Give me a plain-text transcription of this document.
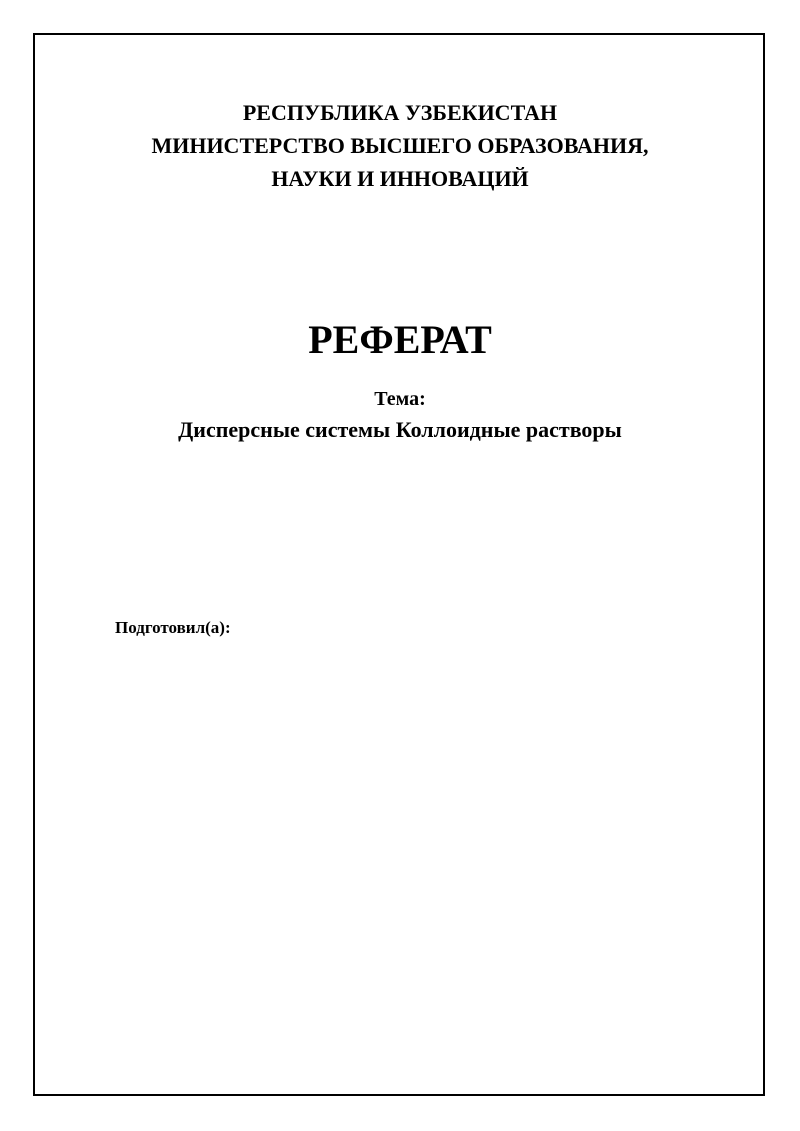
РЕСПУБЛИКА УЗБЕКИСТАН
МИНИСТЕРСТВО ВЫСШЕГО ОБРАЗОВАНИЯ,
НАУКИ И ИННОВАЦИЙ
РЕФЕРАТ
Тема:
Дисперсные системы Коллоидные растворы
Подготовил(а):
